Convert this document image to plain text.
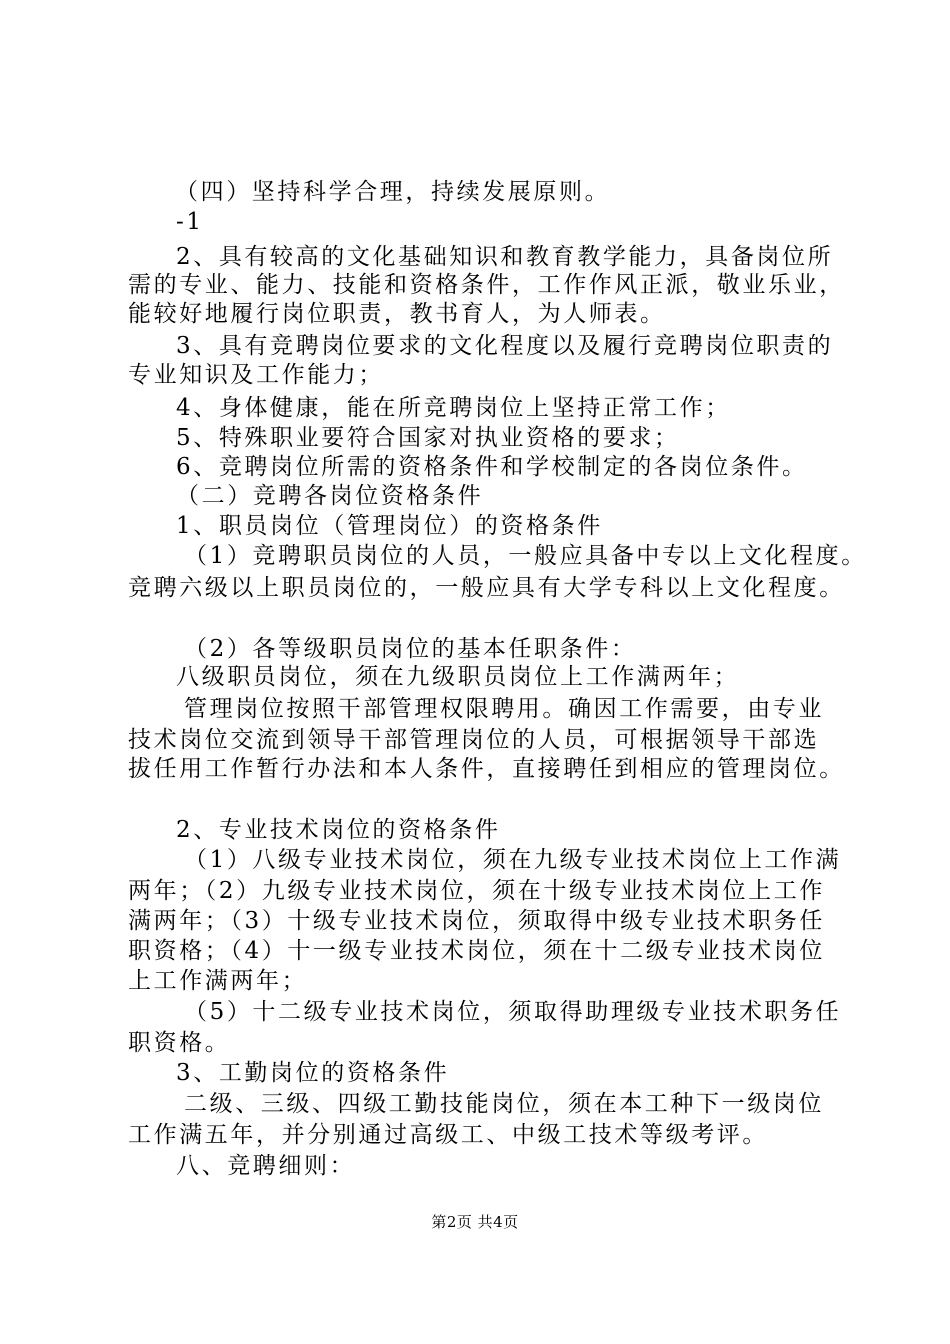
（四）坚持科学合理，持续发展原则。
-1
2、具有较高的文化基础知识和教育教学能力，具备岗位所
需的专业、能力、技能和资格条件，工作作风正派，敬业乐业，
能较好地履行岗位职责，教书育人，为人师表。
3、具有竞聘岗位要求的文化程度以及履行竞聘岗位职责的
专业知识及工作能力；
4、身体健康，能在所竞聘岗位上坚持正常工作；
5、特殊职业要符合国家对执业资格的要求；
6、竞聘岗位所需的资格条件和学校制定的各岗位条件。
（二）竞聘各岗位资格条件
1、职员岗位（管理岗位）的资格条件
（1）竞聘职员岗位的人员，一般应具备中专以上文化程度。
竞聘六级以上职员岗位的，一般应具有大学专科以上文化程度。
（2）各等级职员岗位的基本任职条件：
八级职员岗位，须在九级职员岗位上工作满两年；
管理岗位按照干部管理权限聘用。确因工作需要，由专业
技术岗位交流到领导干部管理岗位的人员，可根据领导干部选
拔任用工作暂行办法和本人条件，直接聘任到相应的管理岗位。
2、专业技术岗位的资格条件
（1）八级专业技术岗位，须在九级专业技术岗位上工作满
两年；（2）九级专业技术岗位，须在十级专业技术岗位上工作
满两年；（3）十级专业技术岗位，须取得中级专业技术职务任
职资格；（4）十一级专业技术岗位，须在十二级专业技术岗位
上工作满两年；
（5）十二级专业技术岗位，须取得助理级专业技术职务任
职资格。
3、工勤岗位的资格条件
二级、三级、四级工勤技能岗位，须在本工种下一级岗位
工作满五年，并分别通过高级工、中级工技术等级考评。
八、竞聘细则：
第2页 共4页
